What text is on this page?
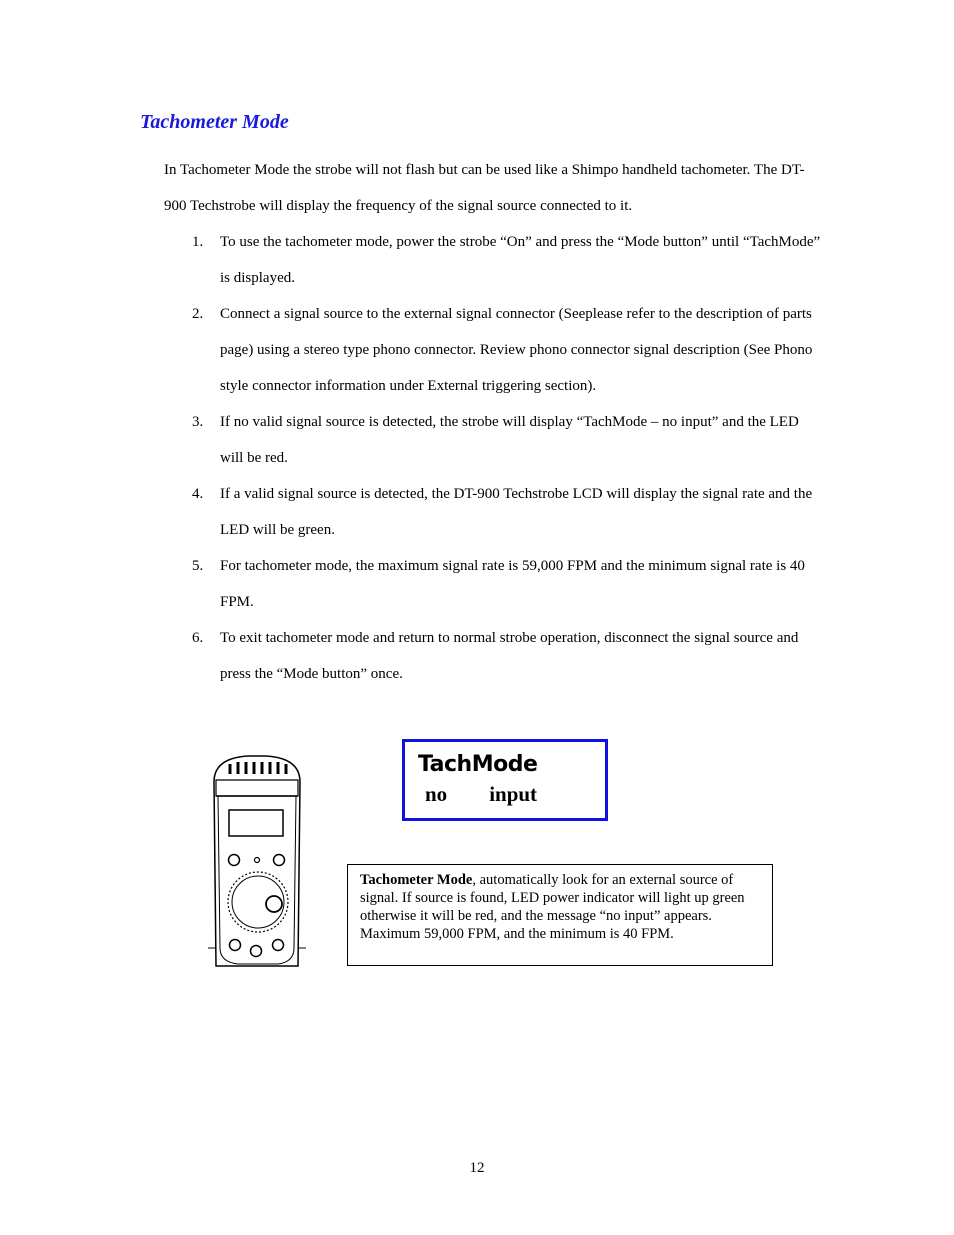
Tachometer Mode

In Tachometer Mode the strobe will not flash but can be used like a Shimpo handheld tachometer. The DT-900 Techstrobe will display the frequency of the signal source connected to it.

1. To use the tachometer mode, power the strobe “On” and press the “Mode button” until “TachMode” is displayed.
2. Connect a signal source to the external signal connector (Seeplease refer to the description of parts page) using a stereo type phono connector. Review phono connector signal description (See Phono style connector information under External triggering section).
3. If no valid signal source is detected, the strobe will display “TachMode – no input” and the LED will be red.
4. If a valid signal source is detected, the DT-900 Techstrobe LCD will display the signal rate and the LED will be green.
5. For tachometer mode, the maximum signal rate is 59,000 FPM and the minimum signal rate is 40 FPM.
6. To exit tachometer mode and return to normal strobe operation, disconnect the signal source and press the “Mode button” once.
TachMode
no input
Tachometer Mode, automatically look for an external source of signal. If source is found, LED power indicator will light up green otherwise it will be red, and the message “no input” appears. Maximum 59,000 FPM, and the minimum is 40 FPM.
12
